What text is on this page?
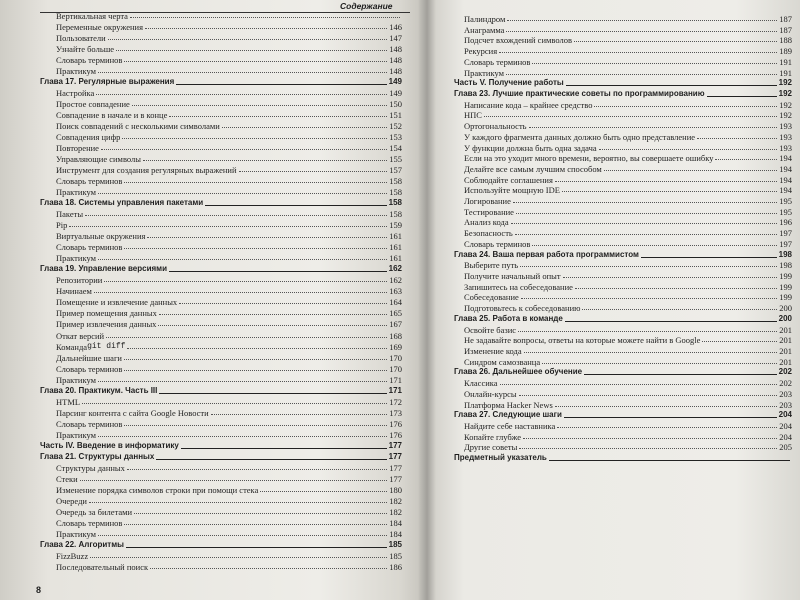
Содержание
Вертикальная черта
Переменные окружения	146
Пользователи	147
Узнайте больше	148
Словарь терминов	148
Практикум	148
Глава 17. Регулярные выражения	149
Настройка	149
Простое совпадение	150
Совпадение в начале и в конце	151
Поиск совпадений с несколькими символами	152
Совпадения цифр	153
Повторение	154
Управляющие символы	155
Инструмент для создания регулярных выражений	157
Словарь терминов	158
Практикум	158
Глава 18. Системы управления пакетами	158
Пакеты	158
Pip	159
Виртуальные окружения	161
Словарь терминов	161
Практикум	161
Глава 19. Управление версиями	162
Репозитории	162
Начинаем	163
Помещение и извлечение данных	164
Пример помещения данных	165
Пример извлечения данных	167
Откат версий	168
Команда git diff	169
Дальнейшие шаги	170
Словарь терминов	170
Практикум	171
Глава 20. Практикум. Часть III	171
HTML	172
Парсинг контента с сайта Google Новости	173
Словарь терминов	176
Практикум	176
Часть IV. Введение в информатику	177
Глава 21. Структуры данных	177
Структуры данных	177
Стеки	177
Изменение порядка символов строки при помощи стека	180
Очереди	182
Очередь за билетами	182
Словарь терминов	184
Практикум	184
Глава 22. Алгоритмы	185
FizzBuzz	185
Последовательный поиск	186
8
Палиндром	187
Анаграмма	187
Подсчет вхождений символов	188
Рекурсия	189
Словарь терминов	191
Практикум	191
Часть V. Получение работы	192
Глава 23. Лучшие практические советы по программированию	192
Написание кода – крайнее средство	192
НПС	192
Ортогональность	193
У каждого фрагмента данных должно быть одно представление	193
У функции должна быть одна задача	193
Если на это уходит много времени, вероятно, вы совершаете ошибку	194
Делайте все самым лучшим способом	194
Соблюдайте соглашения	194
Используйте мощную IDE	194
Логирование	195
Тестирование	195
Анализ кода	196
Безопасность	197
Словарь терминов	197
Глава 24. Ваша первая работа программистом	198
Выберите путь	198
Получите начальный опыт	199
Запишитесь на собеседование	199
Собеседование	199
Подготовьтесь к собеседованию	200
Глава 25. Работа в команде	200
Освойте базис	201
Не задавайте вопросы, ответы на которые можете найти в Google	201
Изменение кода	201
Синдром самозванца	201
Глава 26. Дальнейшее обучение	202
Классика	202
Онлайн-курсы	203
Платформа Hacker News	203
Глава 27. Следующие шаги	204
Найдите себе наставника	204
Копайте глубже	204
Другие советы	205
Предметный указатель
